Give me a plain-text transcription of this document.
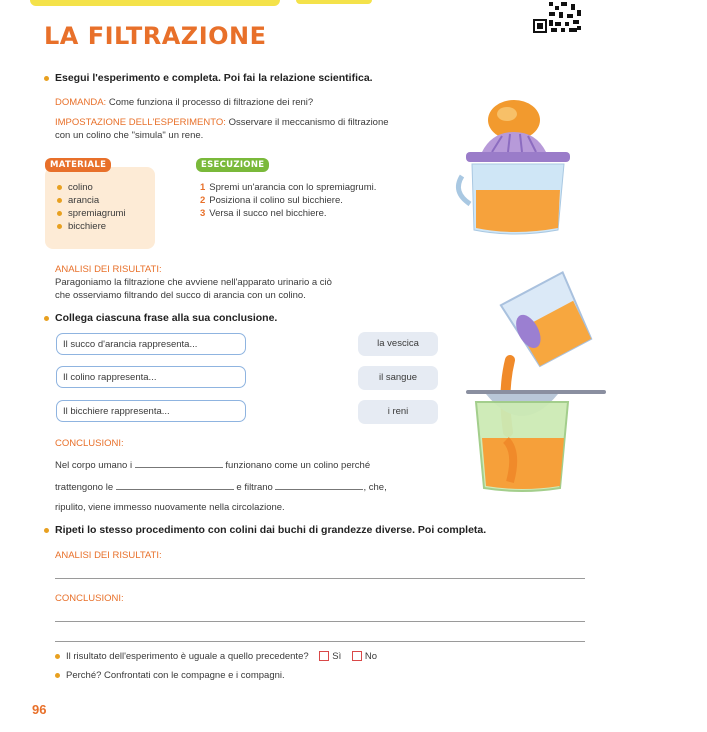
LA FILTRAZIONE
Esegui l'esperimento e completa. Poi fai la relazione scientifica.
DOMANDA: Come funziona il processo di filtrazione dei reni?
IMPOSTAZIONE DELL'ESPERIMENTO: Osservare il meccanismo di filtrazione
con un colino che "simula" un rene.
MATERIALE
colino
arancia
spremiagrumi
bicchiere
ESECUZIONE
1 Spremi un'arancia con lo spremiagrumi.
2 Posiziona il colino sul bicchiere.
3 Versa il succo nel bicchiere.
ANALISI DEI RISULTATI:
Paragoniamo la filtrazione che avviene nell'apparato urinario a ciò
che osserviamo filtrando del succo di arancia con un colino.
Collega ciascuna frase alla sua conclusione.
Il succo d'arancia rappresenta...
Il colino rappresenta...
Il bicchiere rappresenta...
la vescica
il sangue
i reni
CONCLUSIONI:
Nel corpo umano i	funzionano come un colino perché
trattengono le	e filtrano	, che,
ripulito, viene immesso nuovamente nella circolazione.
Ripeti lo stesso procedimento con colini dai buchi di grandezze diverse. Poi completa.
ANALISI DEI RISULTATI:
CONCLUSIONI:
Il risultato dell'esperimento è uguale a quello precedente? Sì No
Perché? Confrontati con le compagne e i compagni.
96
